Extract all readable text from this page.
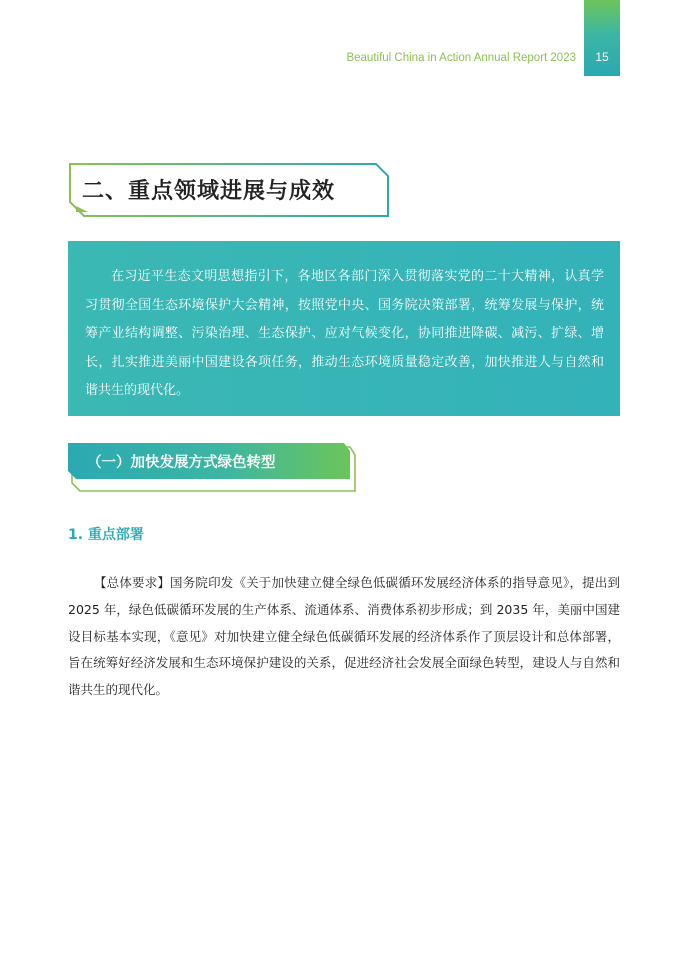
Beautiful China in Action Annual Report 2023	15
二、重点领域进展与成效
在习近平生态文明思想指引下，各地区各部门深入贯彻落实党的二十大精神，认真学习贯彻全国生态环境保护大会精神，按照党中央、国务院决策部署，统筹发展与保护，统筹产业结构调整、污染治理、生态保护、应对气候变化，协同推进降碳、减污、扩绿、增长，扎实推进美丽中国建设各项任务，推动生态环境质量稳定改善，加快推进人与自然和谐共生的现代化。
（一）加快发展方式绿色转型
1. 重点部署
【总体要求】国务院印发《关于加快建立健全绿色低碳循环发展经济体系的指导意见》，提出到 2025 年，绿色低碳循环发展的生产体系、流通体系、消费体系初步形成；到 2035 年，美丽中国建设目标基本实现，《意见》对加快建立健全绿色低碳循环发展的经济体系作了顶层设计和总体部署，旨在统筹好经济发展和生态环境保护建设的关系，促进经济社会发展全面绿色转型，建设人与自然和谐共生的现代化。
